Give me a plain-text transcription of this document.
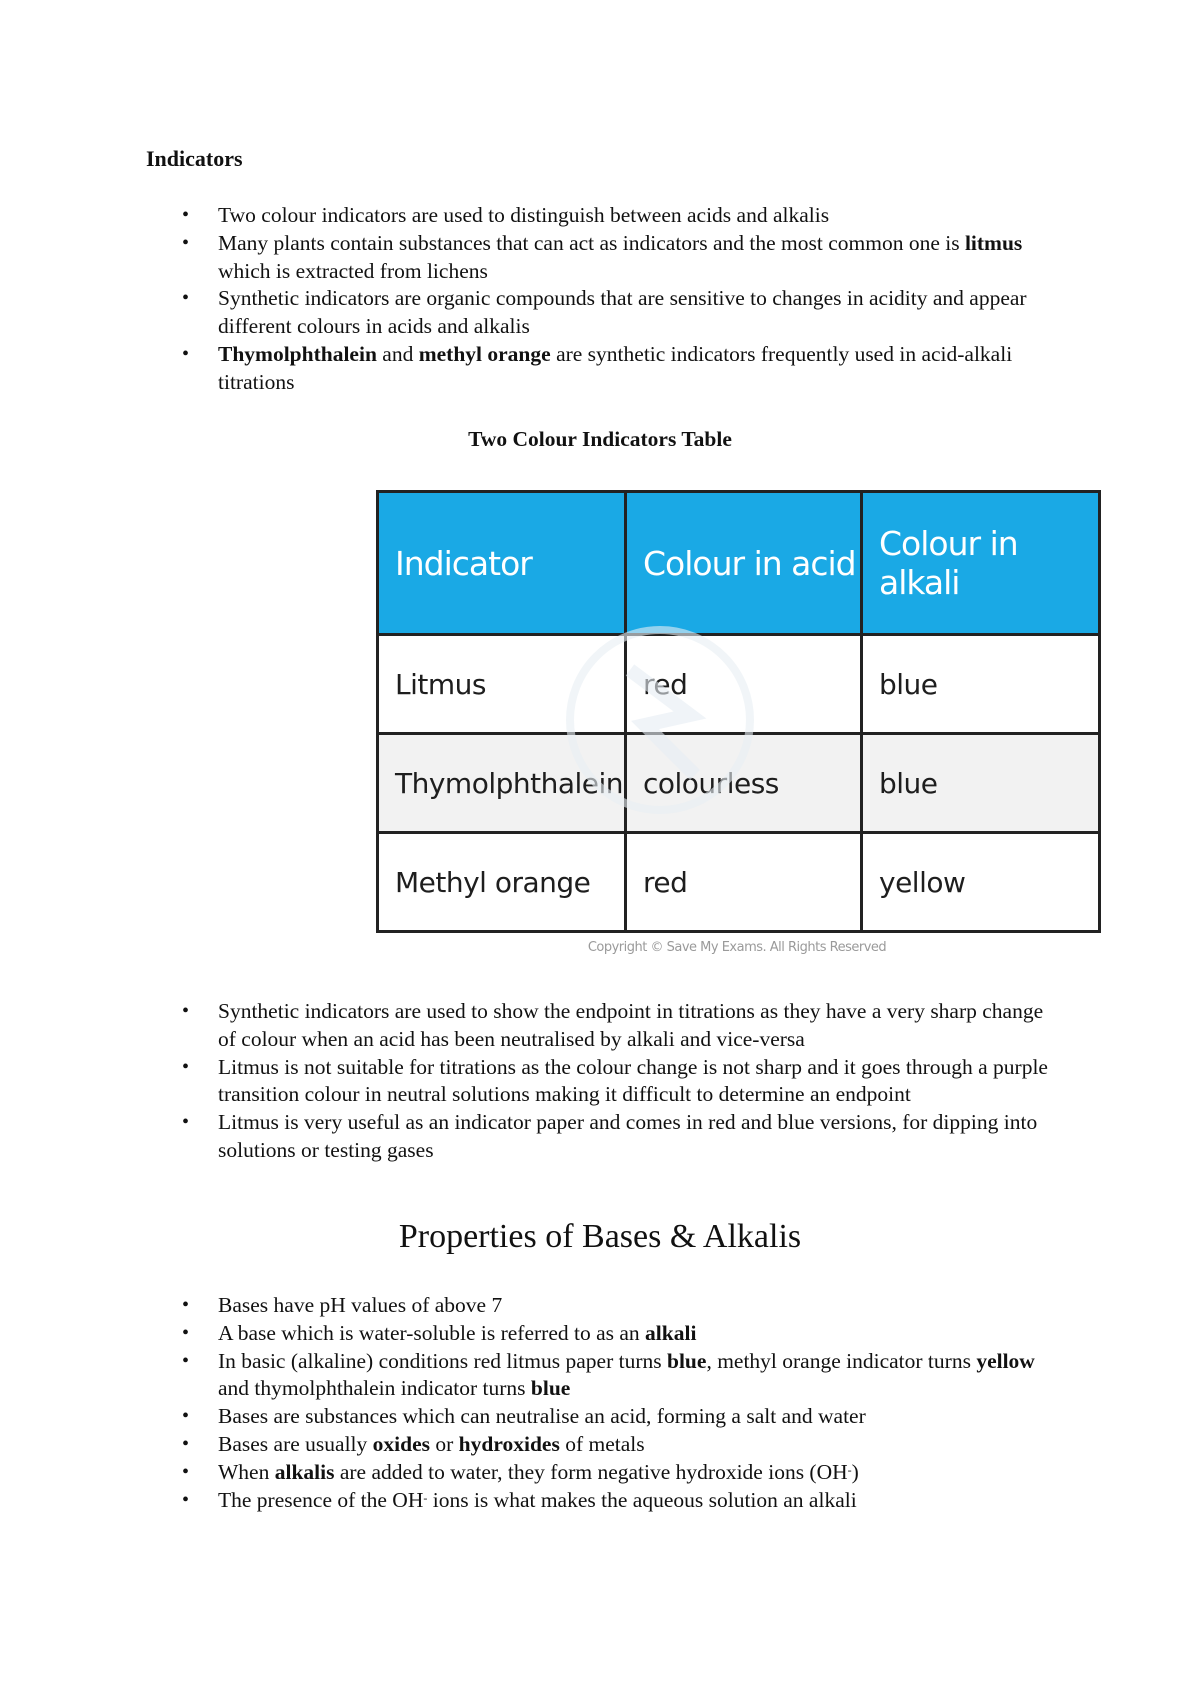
Indicators
• Two colour indicators are used to distinguish between acids and alkalis
• Many plants contain substances that can act as indicators and the most common one is litmus which is extracted from lichens
• Synthetic indicators are organic compounds that are sensitive to changes in acidity and appear different colours in acids and alkalis
• Thymolphthalein and methyl orange are synthetic indicators frequently used in acid-alkali titrations
Two Colour Indicators Table
Indicator	Colour in acid	Colour in alkali
Litmus	red	blue
Thymolphthalein	colourless	blue
Methyl orange	red	yellow
Copyright © Save My Exams. All Rights Reserved
• Synthetic indicators are used to show the endpoint in titrations as they have a very sharp change of colour when an acid has been neutralised by alkali and vice-versa
• Litmus is not suitable for titrations as the colour change is not sharp and it goes through a purple transition colour in neutral solutions making it difficult to determine an endpoint
• Litmus is very useful as an indicator paper and comes in red and blue versions, for dipping into solutions or testing gases
Properties of Bases & Alkalis
• Bases have pH values of above 7
• A base which is water-soluble is referred to as an alkali
• In basic (alkaline) conditions red litmus paper turns blue, methyl orange indicator turns yellow and thymolphthalein indicator turns blue
• Bases are substances which can neutralise an acid, forming a salt and water
• Bases are usually oxides or hydroxides of metals
• When alkalis are added to water, they form negative hydroxide ions (OH-)
• The presence of the OH- ions is what makes the aqueous solution an alkali
